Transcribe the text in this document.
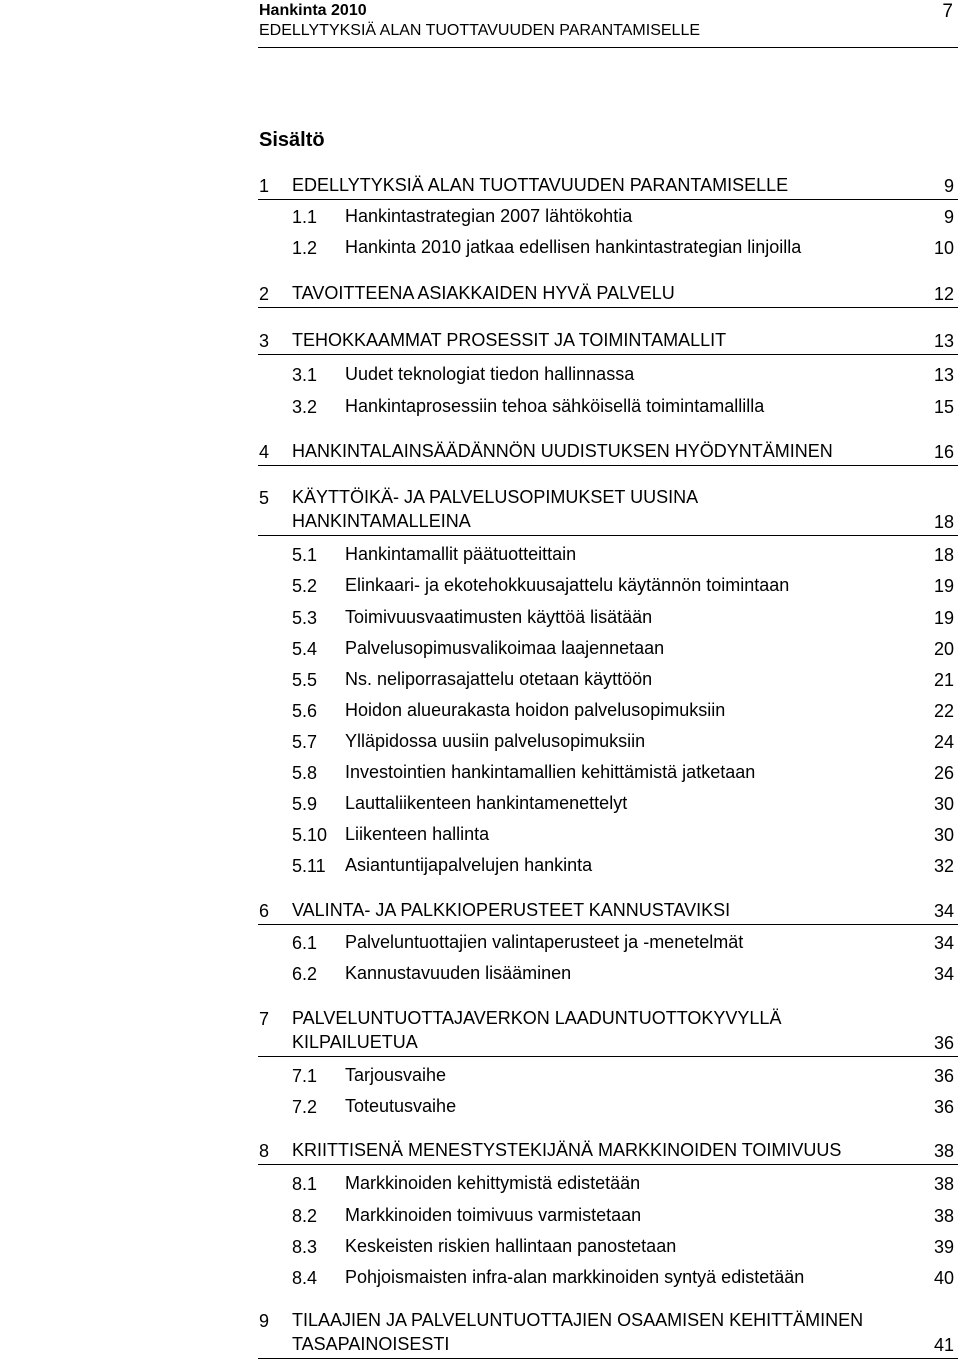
Hankinta 2010
EDELLYTYKSIÄ ALAN TUOTTAVUUDEN PARANTAMISELLE
7
Sisältö
1 EDELLYTYKSIÄ ALAN TUOTTAVUUDEN PARANTAMISELLE	9
1.1 Hankintastrategian 2007 lähtökohtia	9
1.2 Hankinta 2010 jatkaa edellisen hankintastrategian linjoilla	10
2 TAVOITTEENA ASIAKKAIDEN HYVÄ PALVELU	12
3 TEHOKKAAMMAT PROSESSIT JA TOIMINTAMALLIT	13
3.1 Uudet teknologiat tiedon hallinnassa	13
3.2 Hankintaprosessiin tehoa sähköisellä toimintamallilla	15
4 HANKINTALAINSÄÄDÄNNÖN UUDISTUKSEN HYÖDYNTÄMINEN	16
5 KÄYTTÖIKÄ- JA PALVELUSOPIMUKSET UUSINA
HANKINTAMALLEINA	18
5.1 Hankintamallit päätuotteittain	18
5.2 Elinkaari- ja ekotehokkuusajattelu käytännön toimintaan	19
5.3 Toimivuusvaatimusten käyttöä lisätään	19
5.4 Palvelusopimusvalikoimaa laajennetaan	20
5.5 Ns. neliporrasajattelu otetaan käyttöön	21
5.6 Hoidon alueurakasta hoidon palvelusopimuksiin	22
5.7 Ylläpidossa uusiin palvelusopimuksiin	24
5.8 Investointien hankintamallien kehittämistä jatketaan	26
5.9 Lauttaliikenteen hankintamenettelyt	30
5.10 Liikenteen hallinta	30
5.11 Asiantuntijapalvelujen hankinta	32
6 VALINTA- JA PALKKIOPERUSTEET KANNUSTAVIKSI	34
6.1 Palveluntuottajien valintaperusteet ja -menetelmät	34
6.2 Kannustavuuden lisääminen	34
7 PALVELUNTUOTTAJAVERKON LAADUNTUOTTOKYVYLLÄ
KILPAILUETUA	36
7.1 Tarjousvaihe	36
7.2 Toteutusvaihe	36
8 KRIITTISENÄ MENESTYSTEKIJÄNÄ MARKKINOIDEN TOIMIVUUS	38
8.1 Markkinoiden kehittymistä edistetään	38
8.2 Markkinoiden toimivuus varmistetaan	38
8.3 Keskeisten riskien hallintaan panostetaan	39
8.4 Pohjoismaisten infra-alan markkinoiden syntyä edistetään	40
9 TILAAJIEN JA PALVELUNTUOTTAJIEN OSAAMISEN KEHITTÄMINEN
TASAPAINOISESTI	41
